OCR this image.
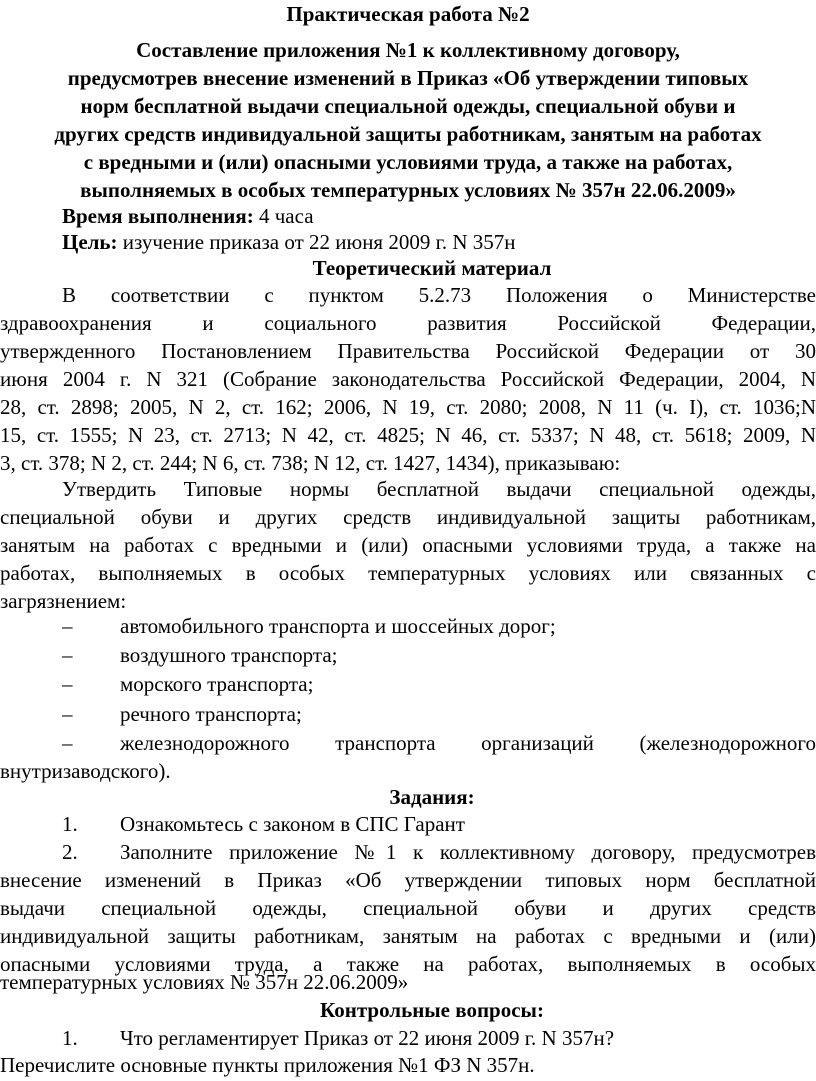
Практическая работа №2
Составление приложения №1 к коллективному договору,
предусмотрев внесение изменений в Приказ «Об утверждении типовых
норм бесплатной выдачи специальной одежды, специальной обуви и
других средств индивидуальной защиты работникам, занятым на работах
с вредными и (или) опасными условиями труда, а также на работах,
выполняемых в особых температурных условиях № 357н 22.06.2009»
Время выполнения: 4 часа
Цель: изучение приказа от 22 июня 2009 г. N 357н
Теоретический материал
В соответствии с пунктом 5.2.73 Положения о Министерстве
здравоохранения и социального развития Российской Федерации,
утвержденного Постановлением Правительства Российской Федерации от 30
июня 2004 г. N 321 (Собрание законодательства Российской Федерации, 2004, N
28, ст. 2898; 2005, N 2, ст. 162; 2006, N 19, ст. 2080; 2008, N 11 (ч. I), ст. 1036;N
15, ст. 1555; N 23, ст. 2713; N 42, ст. 4825; N 46, ст. 5337; N 48, ст. 5618; 2009, N
3, ст. 378; N 2, ст. 244; N 6, ст. 738; N 12, ст. 1427, 1434), приказываю:
Утвердить Типовые нормы бесплатной выдачи специальной одежды,
специальной обуви и других средств индивидуальной защиты работникам,
занятым на работах с вредными и (или) опасными условиями труда, а также на
работах, выполняемых в особых температурных условиях или связанных с
загрязнением:
– автомобильного транспорта и шоссейных дорог;
– воздушного транспорта;
– морского транспорта;
– речного транспорта;
– железнодорожного транспорта организаций (железнодорожного
внутризаводского).
Задания:
1. Ознакомьтесь с законом в СПС Гарант
2. Заполните приложение №1 к коллективному договору, предусмотрев
внесение изменений в Приказ «Об утверждении типовых норм бесплатной
выдачи специальной одежды, специальной обуви и других средств
индивидуальной защиты работникам, занятым на работах с вредными и (или)
опасными условиями труда, а также на работах, выполняемых в особых
температурных условиях № 357н 22.06.2009»
Контрольные вопросы:
1. Что регламентирует Приказ от 22 июня 2009 г. N 357н?
Перечислите основные пункты приложения №1 ФЗ N 357н.
